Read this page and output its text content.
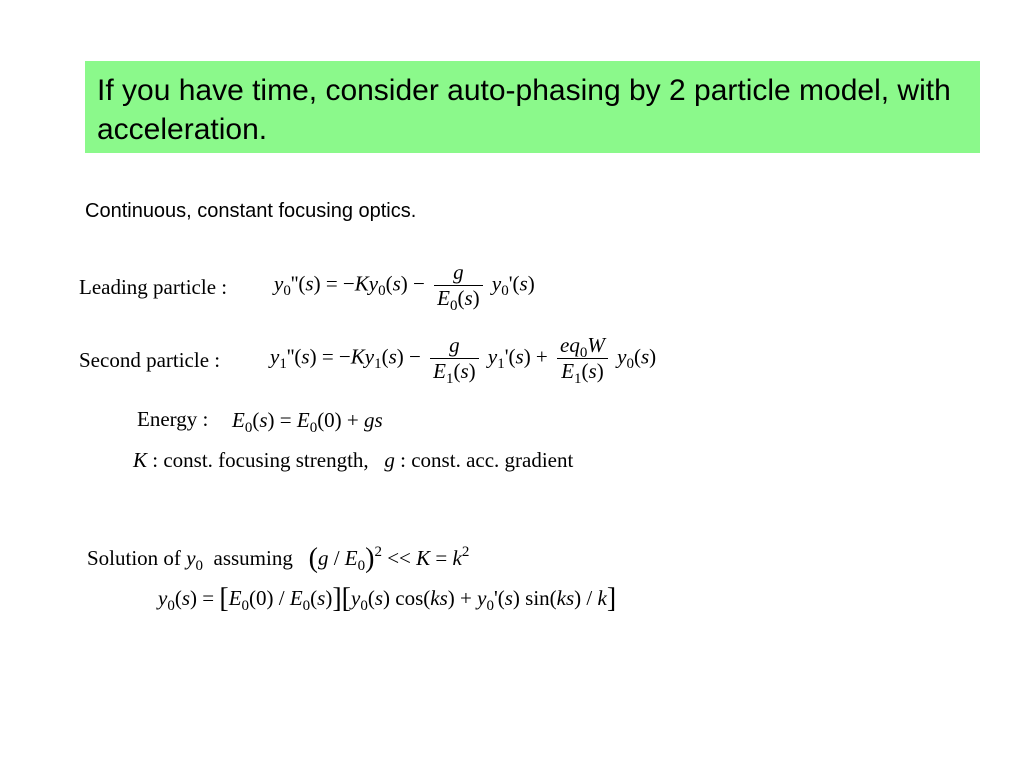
If you have time, consider auto-phasing by 2 particle model, with acceleration.
Continuous, constant focusing optics.
Leading particle : $y_0''(s) = -Ky_0(s) - \frac{g}{E_0(s)} y_0'(s)$
Second particle : $y_1''(s) = -Ky_1(s) - \frac{g}{E_1(s)} y_1'(s) + \frac{eq_0W}{E_1(s)} y_0(s)$
Energy : $E_0(s) = E_0(0)$ + gs
K : const. focusing strength, g : const. acc. gradient
Solution of $y_0$ assuming $(g / E_0)^2 << K = k^2$
$y_0(s) = [E_0(0) / E_0(s)][y_0(s) \cos(ks) + y_0'(s)$ sin(ks) / k]
